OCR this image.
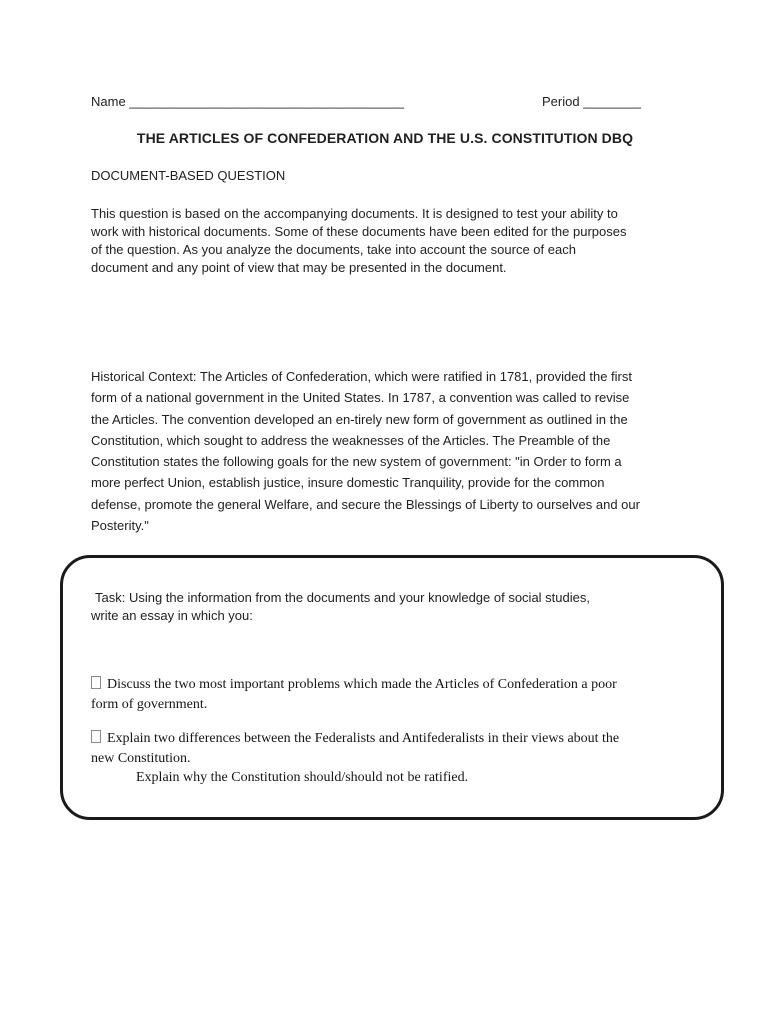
Name ______________________________________	Period ________
THE ARTICLES OF CONFEDERATION AND THE U.S. CONSTITUTION DBQ
DOCUMENT-BASED QUESTION
This question is based on the accompanying documents. It is designed to test your ability to
work with historical documents. Some of these documents have been edited for the purposes
of the question. As you analyze the documents, take into account the source of each
document and any point of view that may be presented in the document.
Historical Context: The Articles of Confederation, which were ratified in 1781, provided the first
form of a national government in the United States. In 1787, a convention was called to revise
the Articles. The convention developed an en-tirely new form of government as outlined in the
Constitution, which sought to address the weaknesses of the Articles. The Preamble of the
Constitution states the following goals for the new system of government: "in Order to form a
more perfect Union, establish justice, insure domestic Tranquility, provide for the common
defense, promote the general Welfare, and secure the Blessings of Liberty to ourselves and our
Posterity."
Task: Using the information from the documents and your knowledge of social studies,
write an essay in which you:
Discuss the two most important problems which made the Articles of Confederation a poor
form of government.
Explain two differences between the Federalists and Antifederalists in their views about the
new Constitution.
Explain why the Constitution should/should not be ratified.
